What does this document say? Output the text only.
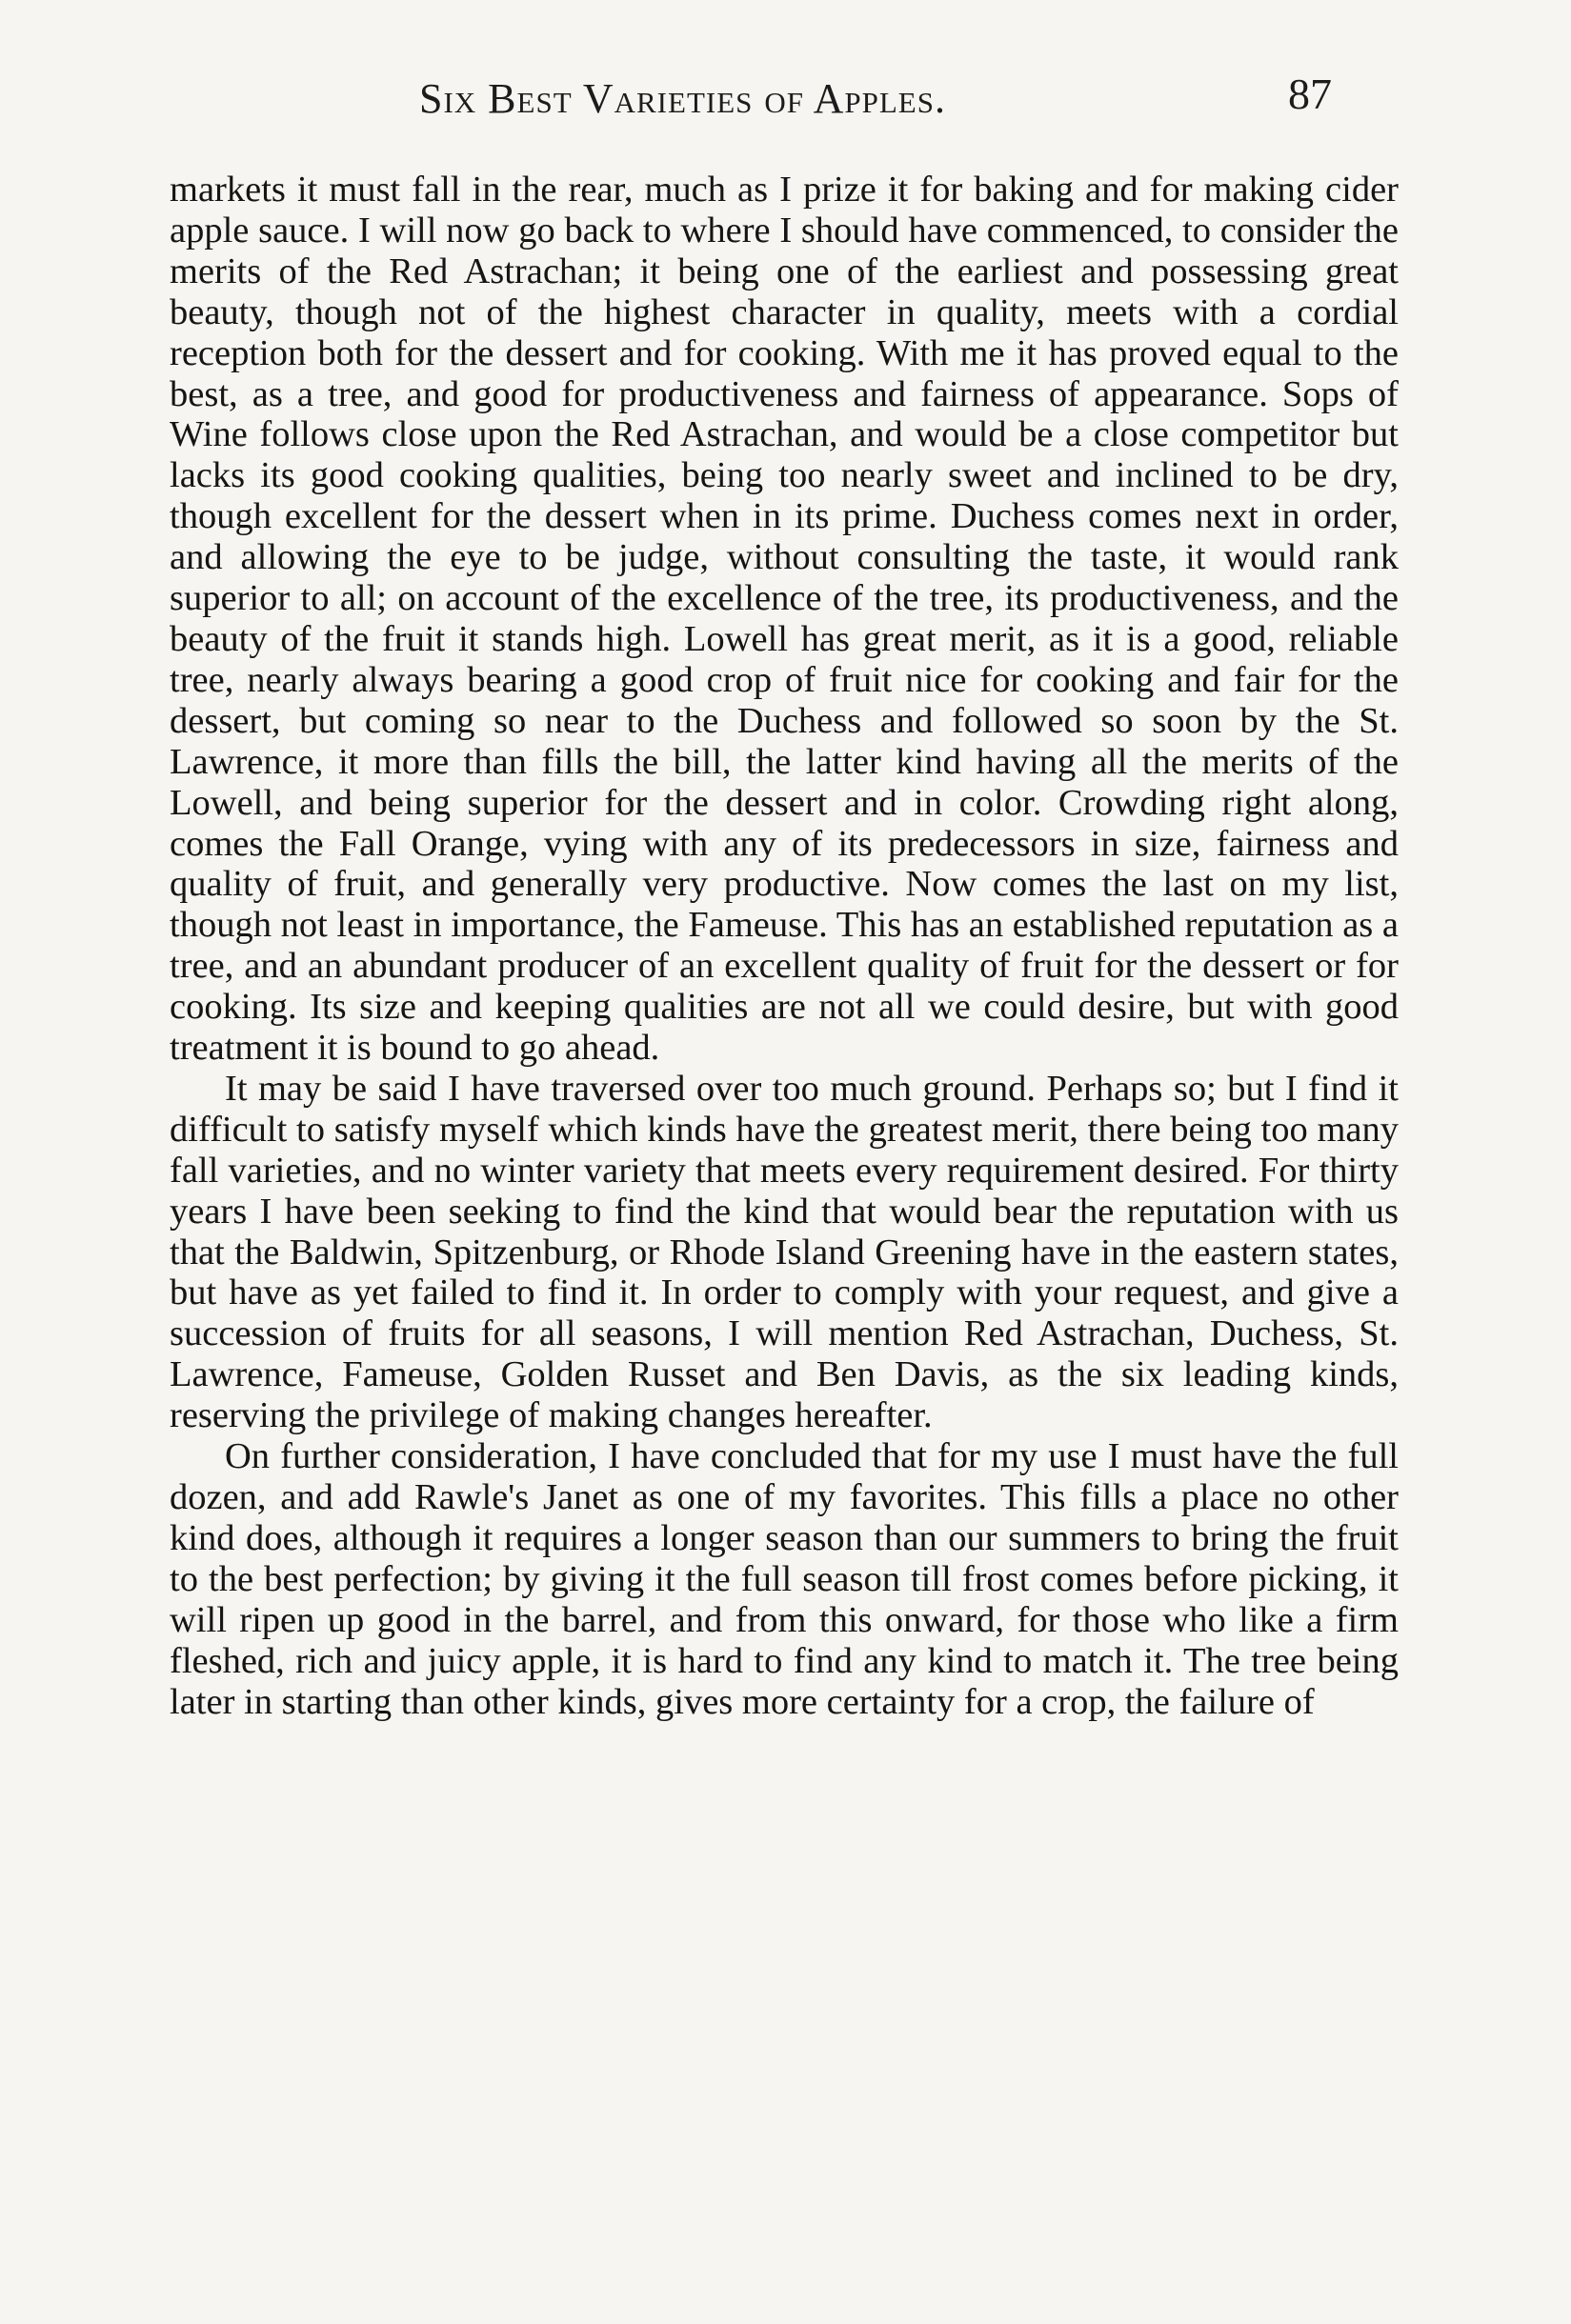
Six Best Varieties of Apples.	87

markets it must fall in the rear, much as I prize it for baking and for making cider apple sauce. I will now go back to where I should have commenced, to consider the merits of the Red Astrachan; it being one of the earliest and possessing great beauty, though not of the highest character in quality, meets with a cordial reception both for the dessert and for cooking. With me it has proved equal to the best, as a tree, and good for productiveness and fairness of appearance. Sops of Wine follows close upon the Red Astrachan, and would be a close competitor but lacks its good cooking qualities, being too nearly sweet and inclined to be dry, though excellent for the dessert when in its prime. Duchess comes next in order, and allowing the eye to be judge, without consulting the taste, it would rank superior to all; on account of the excellence of the tree, its productiveness, and the beauty of the fruit it stands high. Lowell has great merit, as it is a good, reliable tree, nearly always bearing a good crop of fruit nice for cooking and fair for the dessert, but coming so near to the Duchess and followed so soon by the St. Lawrence, it more than fills the bill, the latter kind having all the merits of the Lowell, and being superior for the dessert and in color. Crowding right along, comes the Fall Orange, vying with any of its predecessors in size, fairness and quality of fruit, and generally very productive. Now comes the last on my list, though not least in importance, the Fameuse. This has an established reputation as a tree, and an abundant producer of an excellent quality of fruit for the dessert or for cooking. Its size and keeping qualities are not all we could desire, but with good treatment it is bound to go ahead.

It may be said I have traversed over too much ground. Perhaps so; but I find it difficult to satisfy myself which kinds have the greatest merit, there being too many fall varieties, and no winter variety that meets every requirement desired. For thirty years I have been seeking to find the kind that would bear the reputation with us that the Baldwin, Spitzenburg, or Rhode Island Greening have in the eastern states, but have as yet failed to find it. In order to comply with your request, and give a succession of fruits for all seasons, I will mention Red Astrachan, Duchess, St. Lawrence, Fameuse, Golden Russet and Ben Davis, as the six leading kinds, reserving the privilege of making changes hereafter.

On further consideration, I have concluded that for my use I must have the full dozen, and add Rawle's Janet as one of my favorites. This fills a place no other kind does, although it requires a longer season than our summers to bring the fruit to the best perfection; by giving it the full season till frost comes before picking, it will ripen up good in the barrel, and from this onward, for those who like a firm fleshed, rich and juicy apple, it is hard to find any kind to match it. The tree being later in starting than other kinds, gives more certainty for a crop, the failure of
